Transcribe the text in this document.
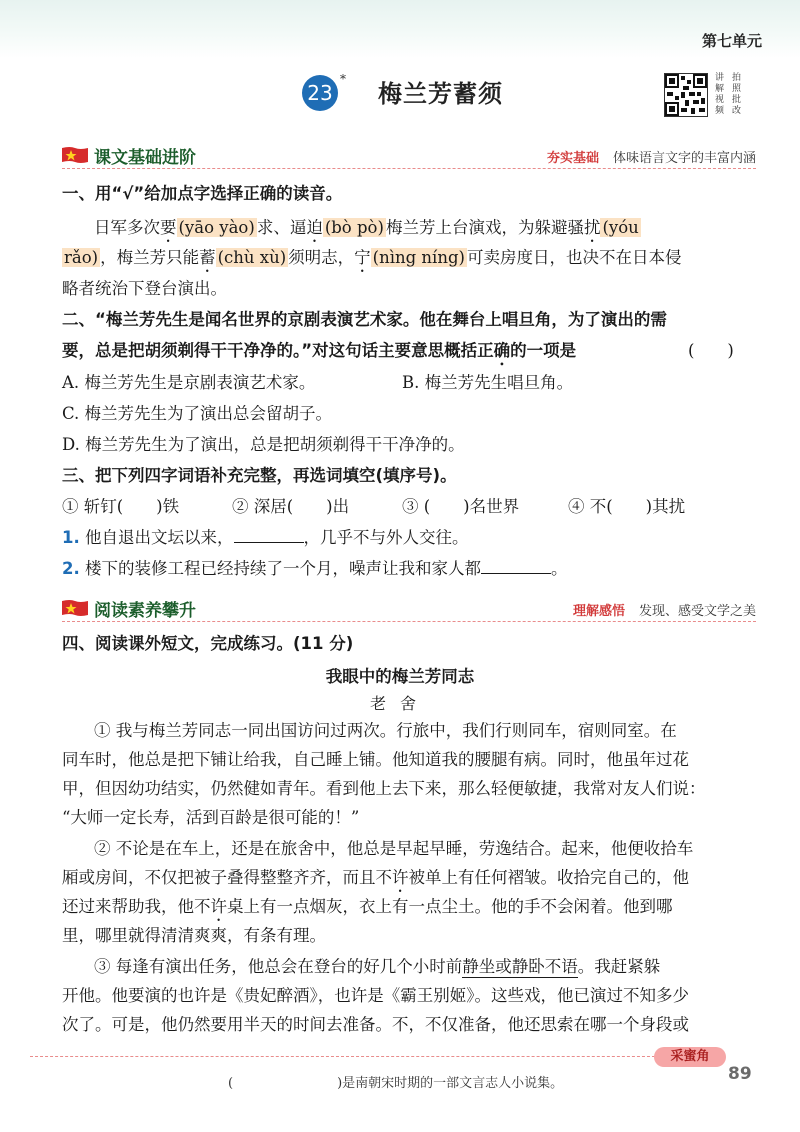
第七单元
23
*
梅兰芳蓄须
讲 拍
解 照
视 批
频 改
课文基础进阶	夯实基础 体味语言文字的丰富内涵
一、用“√”给加点字选择正确的读音。
日军多次要 (yāo yào) 求、逼迫 (bò pò) 梅兰芳上台演戏，为躲避骚扰 (yóu
rǎo) ，梅兰芳只能蓄 (chù xù) 须明志，宁 (nìng níng) 可卖房度日，也决不在日本侵
略者统治下登台演出。
二、“梅兰芳先生是闻名世界的京剧表演艺术家。他在舞台上唱旦角，为了演出的需
要，总是把胡须剃得干干净净的。”对这句话主要意思概括正确的一项是	(　　)
A. 梅兰芳先生是京剧表演艺术家。	B. 梅兰芳先生唱旦角。
C. 梅兰芳先生为了演出总会留胡子。
D. 梅兰芳先生为了演出，总是把胡须剃得干干净净的。
三、把下列四字词语补充完整，再选词填空(填序号)。
① 斩钉(　　)铁	② 深居(　　)出	③ (　　)名世界	④ 不(　　)其扰
1. 他自退出文坛以来，	，几乎不与外人交往。
2. 楼下的装修工程已经持续了一个月，噪声让我和家人都	。
阅读素养攀升	理解感悟 发现、感受文学之美
四、阅读课外短文，完成练习。(11 分)
我眼中的梅兰芳同志
老舍
① 我与梅兰芳同志一同出国访问过两次。行旅中，我们行则同车，宿则同室。在
同车时，他总是把下铺让给我，自己睡上铺。他知道我的腰腿有病。同时，他虽年过花
甲，但因幼功结实，仍然健如青年。看到他上去下来，那么轻便敏捷，我常对友人们说：
“大师一定长寿，活到百龄是很可能的！”
② 不论是在车上，还是在旅舍中，他总是早起早睡，劳逸结合。起来，他便收拾车
厢或房间，不仅把被子叠得整整齐齐，而且不许被单上有任何褶皱。收拾完自己的，他
还过来帮助我，他不许桌上有一点烟灰，衣上有一点尘土。他的手不会闲着。他到哪
里，哪里就得清清爽爽，有条有理。
③ 每逢有演出任务，他总会在登台的好几个小时前静坐或静卧不语。我赶紧躲
开他。他要演的也许是《贵妃醉酒》，也许是《霸王别姬》。这些戏，他已演过不知多少
次了。可是，他仍然要用半天的时间去准备。不，不仅准备，他还思索在哪一个身段或
采蜜角
(　　　　　　　　)是南朝宋时期的一部文言志人小说集。	89
